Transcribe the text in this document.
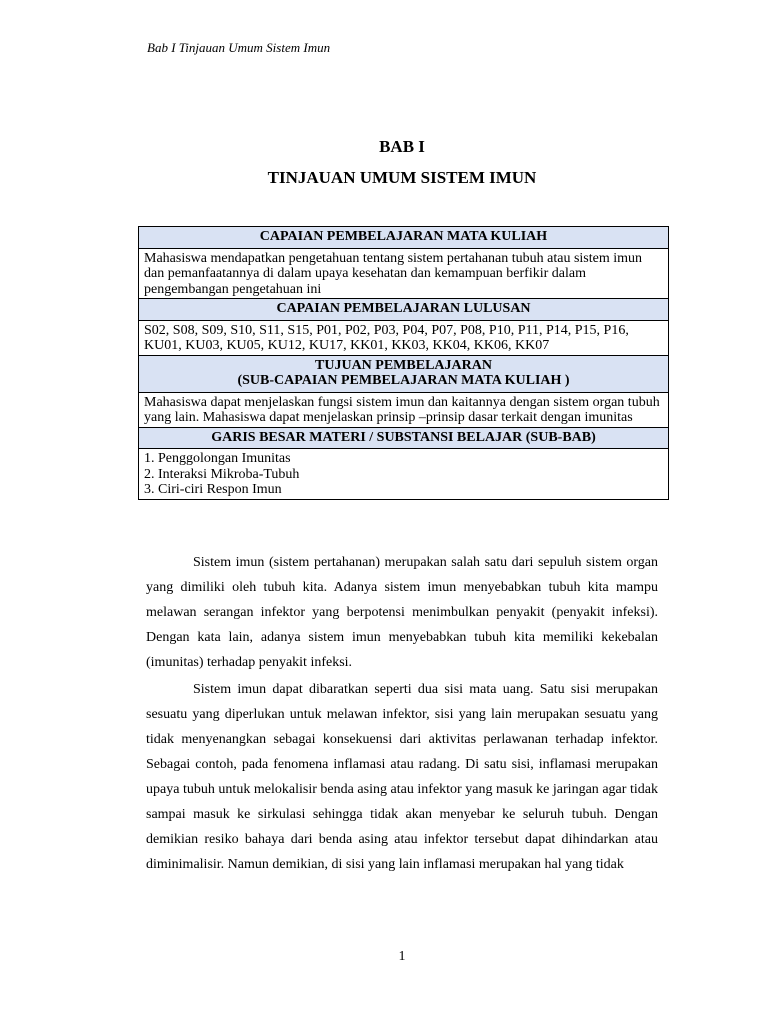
Bab I Tinjauan Umum Sistem Imun
BAB I
TINJAUAN UMUM SISTEM IMUN
CAPAIAN PEMBELAJARAN MATA KULIAH
Mahasiswa mendapatkan pengetahuan tentang sistem pertahanan tubuh atau sistem imun dan pemanfaatannya di dalam upaya kesehatan dan kemampuan berfikir dalam pengembangan pengetahuan ini
CAPAIAN PEMBELAJARAN LULUSAN
S02, S08, S09, S10, S11, S15, P01, P02, P03, P04, P07, P08, P10, P11, P14, P15, P16, KU01, KU03, KU05, KU12, KU17, KK01, KK03, KK04, KK06, KK07

TUJUAN PEMBELAJARAN
(SUB-CAPAIAN PEMBELAJARAN MATA KULIAH )

Mahasiswa dapat menjelaskan fungsi sistem imun dan kaitannya dengan sistem organ tubuh yang lain. Mahasiswa dapat menjelaskan prinsip –prinsip dasar terkait dengan imunitas
GARIS BESAR MATERI / SUBSTANSI BELAJAR (SUB-BAB)

1. Penggolongan Imunitas
2. Interaksi Mikroba-Tubuh
3. Ciri-ciri Respon Imun

Sistem imun (sistem pertahanan) merupakan salah satu dari sepuluh sistem organ yang dimiliki oleh tubuh kita. Adanya sistem imun menyebabkan tubuh kita mampu melawan serangan infektor yang berpotensi menimbulkan penyakit (penyakit infeksi). Dengan kata lain, adanya sistem imun menyebabkan tubuh kita memiliki kekebalan (imunitas) terhadap penyakit infeksi.

Sistem imun dapat dibaratkan seperti dua sisi mata uang. Satu sisi merupakan sesuatu yang diperlukan untuk melawan infektor, sisi yang lain merupakan sesuatu yang tidak menyenangkan sebagai konsekuensi dari aktivitas perlawanan terhadap infektor. Sebagai contoh, pada fenomena inflamasi atau radang. Di satu sisi, inflamasi merupakan upaya tubuh untuk melokalisir benda asing atau infektor yang masuk ke jaringan agar tidak sampai masuk ke sirkulasi sehingga tidak akan menyebar ke seluruh tubuh. Dengan demikian resiko bahaya dari benda asing atau infektor tersebut dapat dihindarkan atau diminimalisir. Namun demikian, di sisi yang lain inflamasi merupakan hal yang tidak

1
